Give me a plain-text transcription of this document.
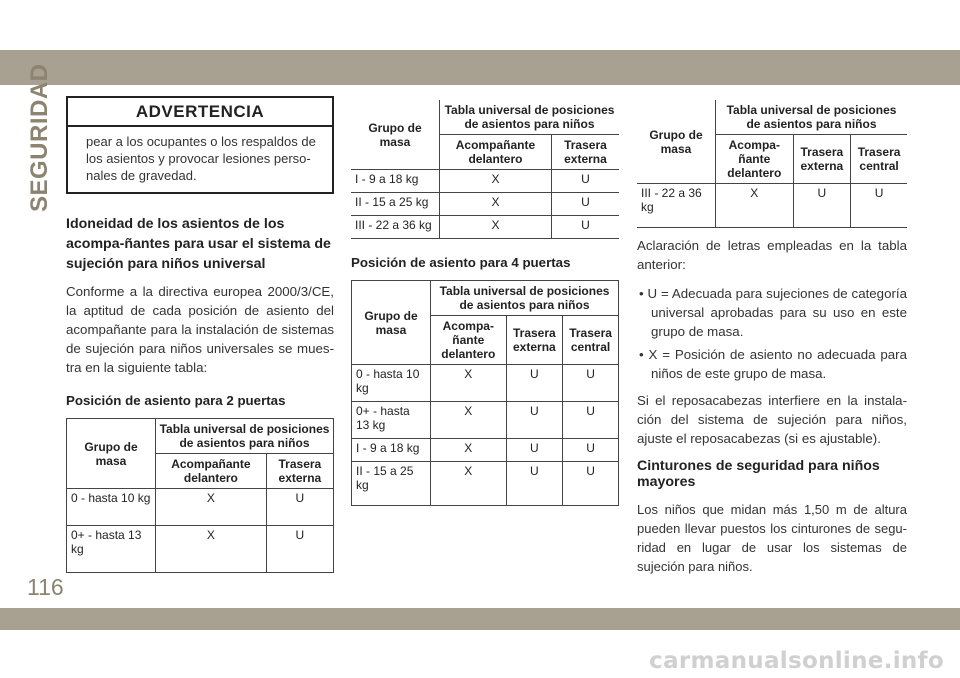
SEGURIDAD
116
carmanualsonline.info
ADVERTENCIA
pear a los ocupantes o los respaldos de los asientos y provocar lesiones perso-nales de gravedad.
Idoneidad de los asientos de los acompa-ñantes para usar el sistema de sujeción para niños universal

Conforme a la directiva europea 2000/3/CE, la aptitud de cada posición de asiento del acompañante para la instalación de sistemas de sujeción para niños universales se mues-tra en la siguiente tabla:

Posición de asiento para 2 puertas
Grupo de masa	Tabla universal de posiciones de asientos para niños	
	Acompañante delantero	Trasera externa
0 - hasta 10 kg	X	U
0+ - hasta 13 kg	X	U
Grupo de masa	Tabla universal de posiciones de asientos para niños	
	Acompañante delantero	Trasera externa
I - 9 a 18 kg	X	U
II - 15 a 25 kg	X	U
III - 22 a 36 kg	X	U
Posición de asiento para 4 puertas
Grupo de masa	Tabla universal de posiciones de asientos para niños		
	Acompa-ñante delantero	Trasera externa	Trasera central
0 - hasta 10 kg	X	U	U
0+ - hasta 13 kg	X	U	U
I - 9 a 18 kg	X	U	U
II - 15 a 25 kg	X	U	U
Grupo de masa	Tabla universal de posiciones de asientos para niños		
	Acompa-ñante delantero	Trasera externa	Trasera central
III - 22 a 36 kg	X	U	U

Aclaración de letras empleadas en la tabla anterior:

• U = Adecuada para sujeciones de categoría universal aprobadas para su uso en este grupo de masa.
• X = Posición de asiento no adecuada para niños de este grupo de masa.

Si el reposacabezas interfiere en la instala-ción del sistema de sujeción para niños, ajuste el reposacabezas (si es ajustable).

Cinturones de seguridad para niños mayores

Los niños que midan más 1,50 m de altura pueden llevar puestos los cinturones de segu-ridad en lugar de usar los sistemas de sujeción para niños.
